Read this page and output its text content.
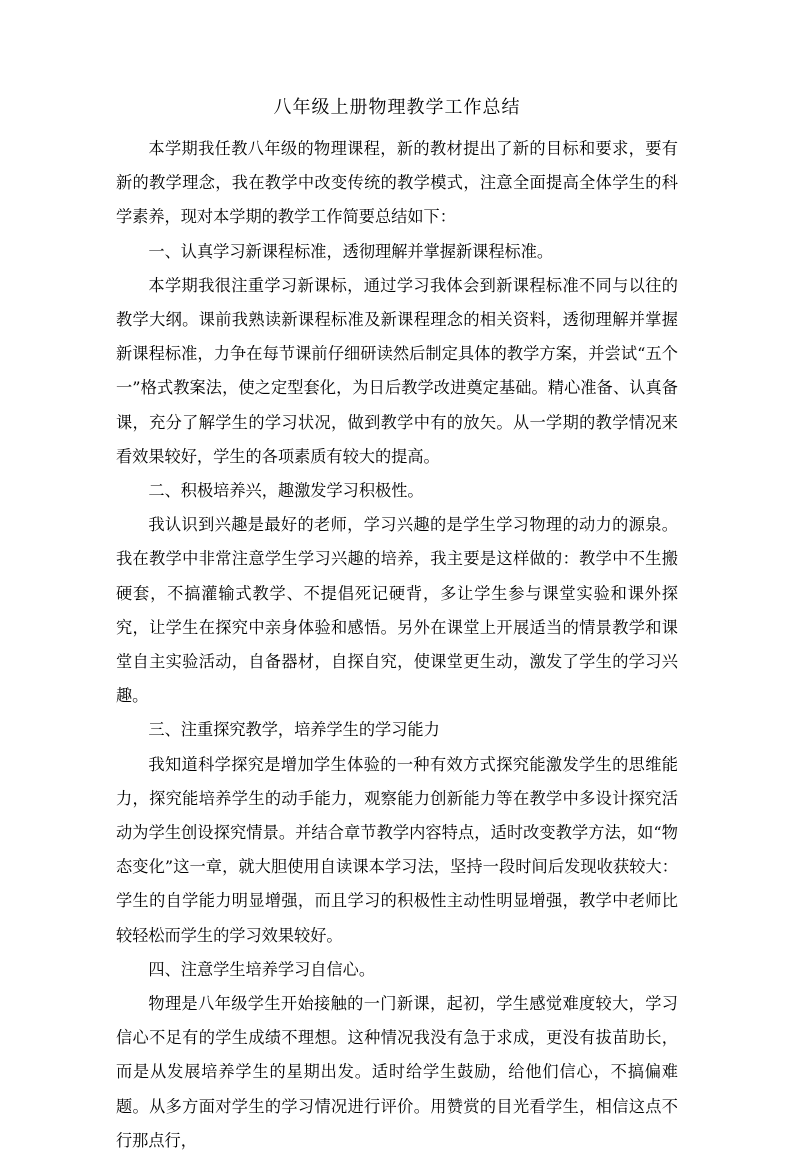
八年级上册物理教学工作总结

本学期我任教八年级的物理课程，新的教材提出了新的目标和要求，要有新的教学理念，我在教学中改变传统的教学模式，注意全面提高全体学生的科学素养，现对本学期的教学工作简要总结如下：

一、认真学习新课程标准，透彻理解并掌握新课程标准。

本学期我很注重学习新课标，通过学习我体会到新课程标准不同与以往的教学大纲。课前我熟读新课程标准及新课程理念的相关资料，透彻理解并掌握新课程标准，力争在每节课前仔细研读然后制定具体的教学方案，并尝试“五个一”格式教案法，使之定型套化，为日后教学改进奠定基础。精心准备、认真备课，充分了解学生的学习状况，做到教学中有的放矢。从一学期的教学情况来看效果较好，学生的各项素质有较大的提高。

二、积极培养兴，趣激发学习积极性。

我认识到兴趣是最好的老师，学习兴趣的是学生学习物理的动力的源泉。我在教学中非常注意学生学习兴趣的培养，我主要是这样做的：教学中不生搬硬套，不搞灌输式教学、不提倡死记硬背，多让学生参与课堂实验和课外探究，让学生在探究中亲身体验和感悟。另外在课堂上开展适当的情景教学和课堂自主实验活动，自备器材，自探自究，使课堂更生动，激发了学生的学习兴趣。

三、注重探究教学，培养学生的学习能力

我知道科学探究是增加学生体验的一种有效方式探究能激发学生的思维能力，探究能培养学生的动手能力，观察能力创新能力等在教学中多设计探究活动为学生创设探究情景。并结合章节教学内容特点，适时改变教学方法，如“物态变化”这一章，就大胆使用自读课本学习法，坚持一段时间后发现收获较大：学生的自学能力明显增强，而且学习的积极性主动性明显增强，教学中老师比较轻松而学生的学习效果较好。

四、注意学生培养学习自信心。

物理是八年级学生开始接触的一门新课，起初，学生感觉难度较大，学习信心不足有的学生成绩不理想。这种情况我没有急于求成，更没有拔苗助长，而是从发展培养学生的星期出发。适时给学生鼓励，给他们信心，不搞偏难题。从多方面对学生的学习情况进行评价。用赞赏的目光看学生，相信这点不行那点行，
